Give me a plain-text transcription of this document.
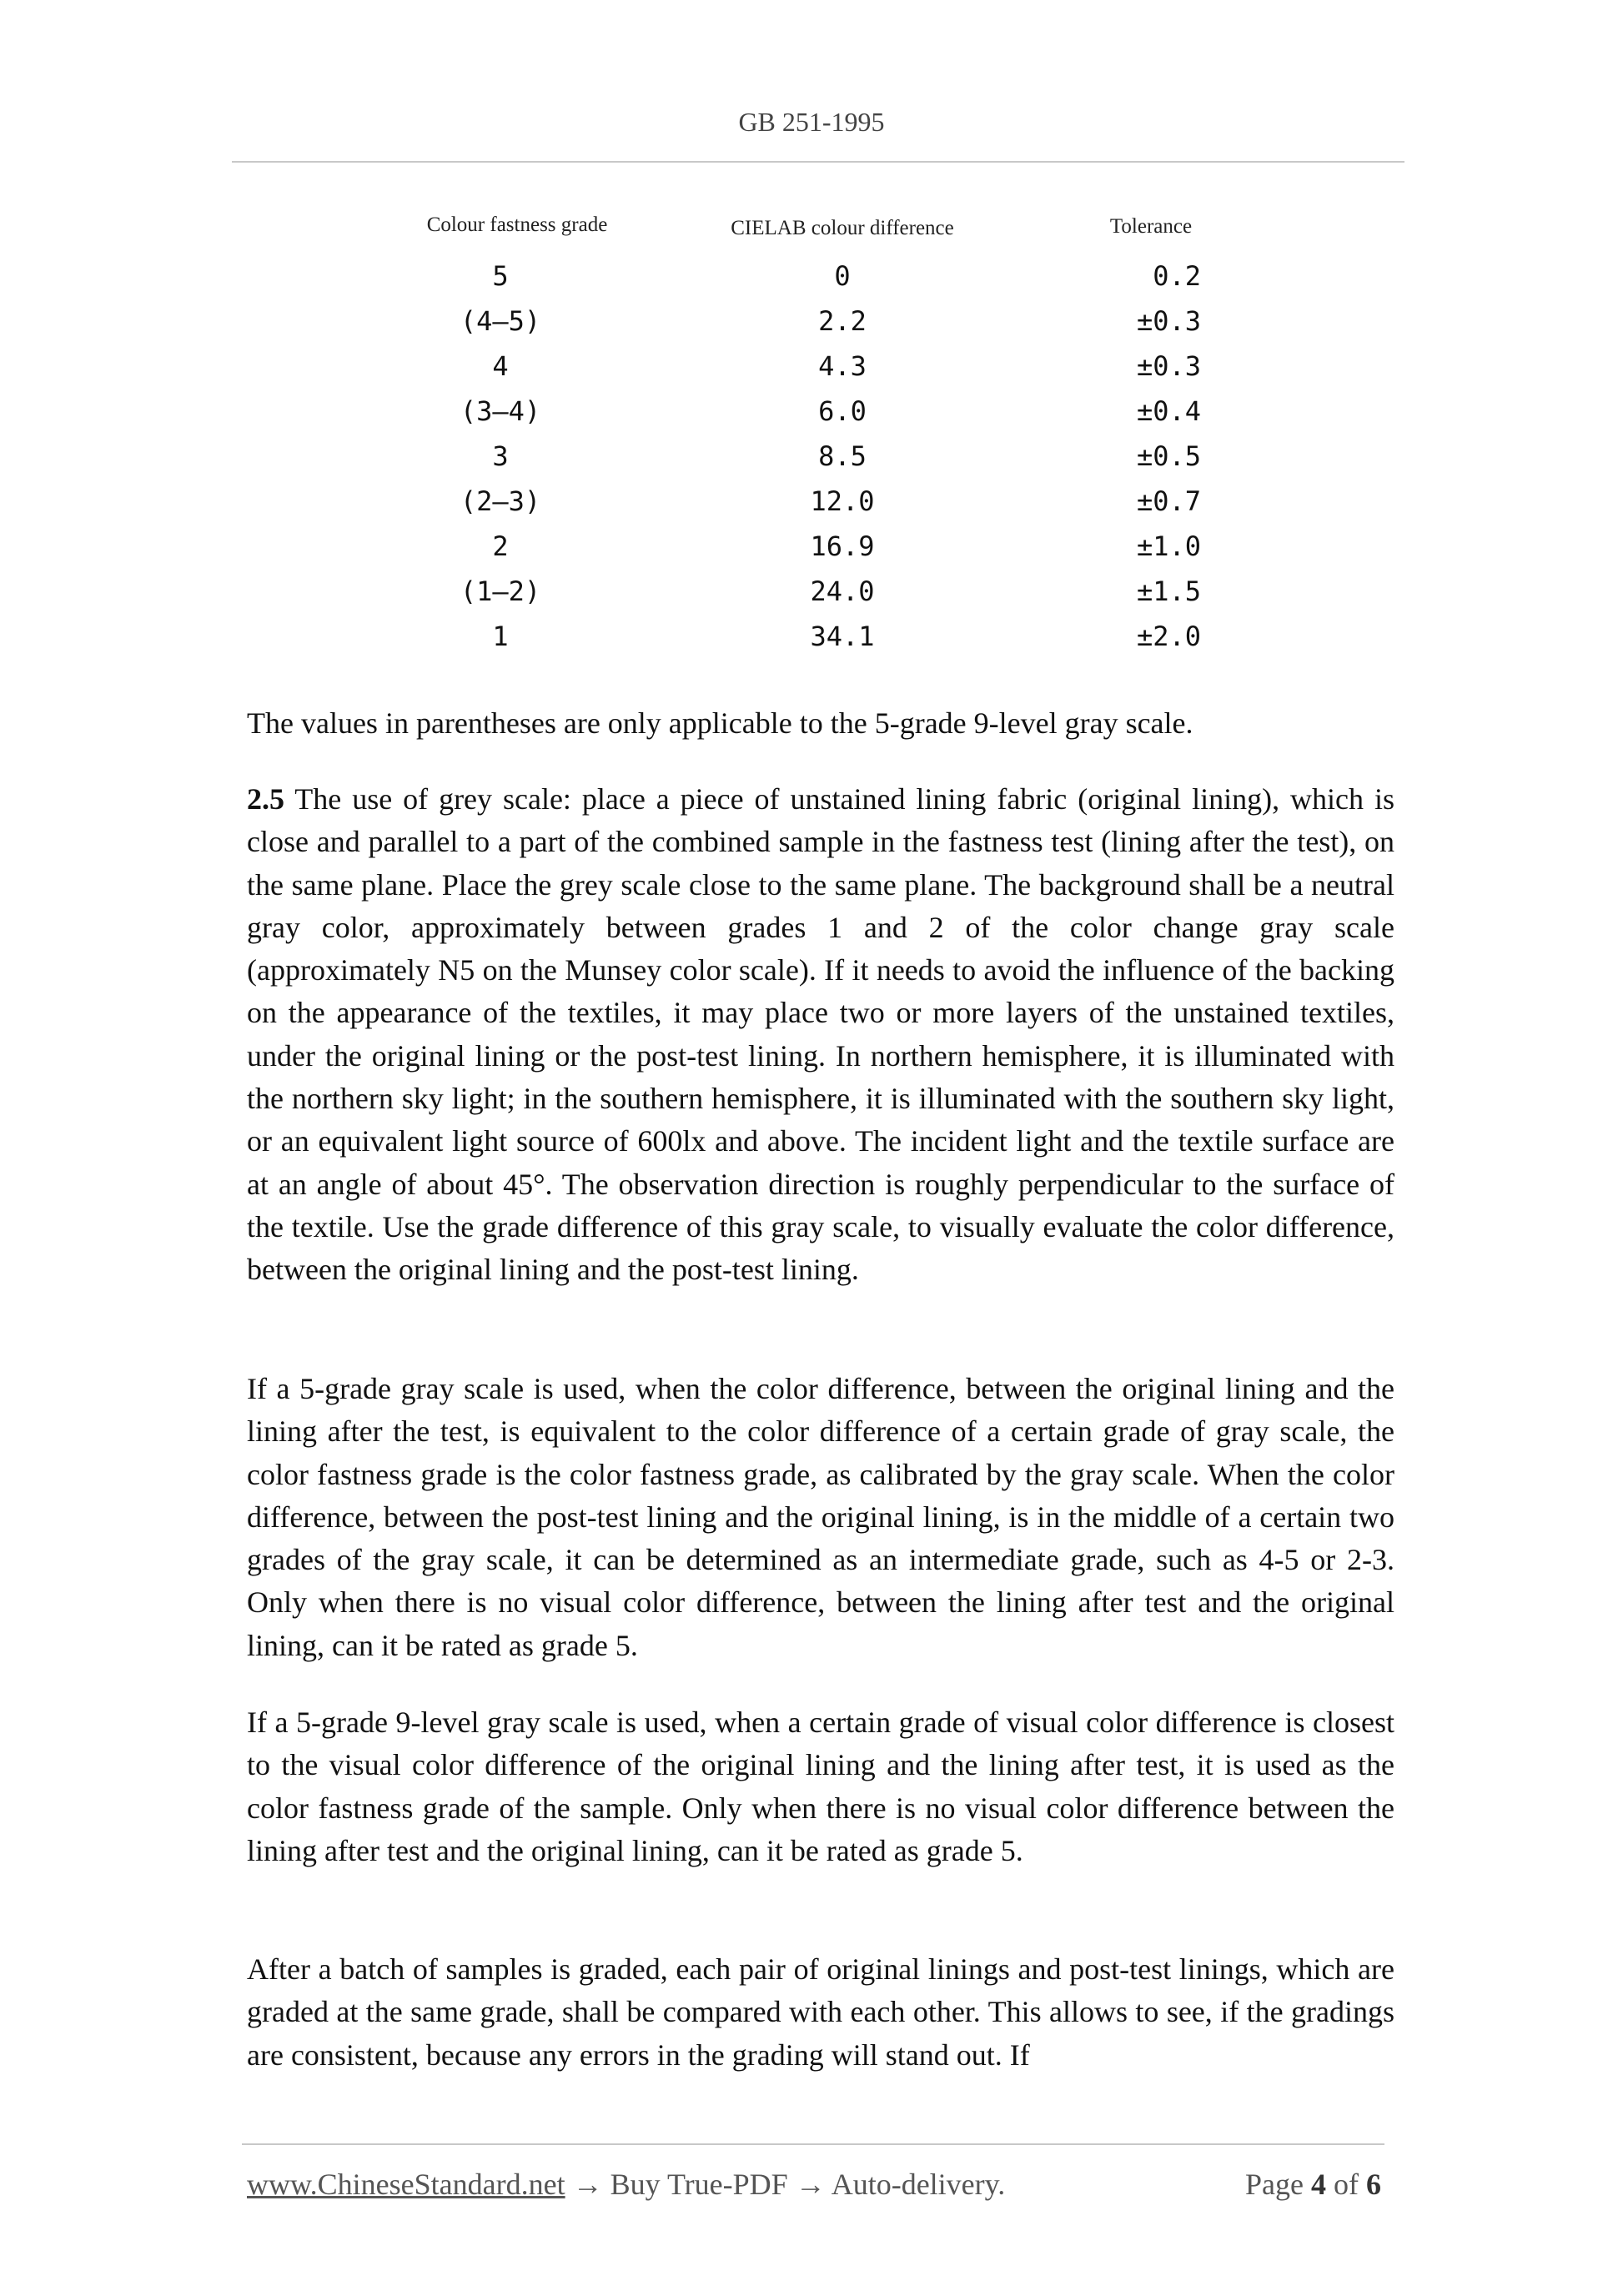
GB 251-1995
Colour fastness grade	CIELAB colour difference	Tolerance
5	0	0.2
(4—5)	2.2	±0.3
4	4.3	±0.3
(3—4)	6.0	±0.4
3	8.5	±0.5
(2—3)	12.0	±0.7
2	16.9	±1.0
(1—2)	24.0	±1.5
1	34.1	±2.0

The values in parentheses are only applicable to the 5-grade 9-level gray scale.

2.5 The use of grey scale: place a piece of unstained lining fabric (original lining), which is close and parallel to a part of the combined sample in the fastness test (lining after the test), on the same plane. Place the grey scale close to the same plane. The background shall be a neutral gray color, approximately between grades 1 and 2 of the color change gray scale (approximately N5 on the Munsey color scale). If it needs to avoid the influence of the backing on the appearance of the textiles, it may place two or more layers of the unstained textiles, under the original lining or the post-test lining. In northern hemisphere, it is illuminated with the northern sky light; in the southern hemisphere, it is illuminated with the southern sky light, or an equivalent light source of 600lx and above. The incident light and the textile surface are at an angle of about 45°. The observation direction is roughly perpendicular to the surface of the textile. Use the grade difference of this gray scale, to visually evaluate the color difference, between the original lining and the post-test lining.

If a 5-grade gray scale is used, when the color difference, between the original lining and the lining after the test, is equivalent to the color difference of a certain grade of gray scale, the color fastness grade is the color fastness grade, as calibrated by the gray scale. When the color difference, between the post-test lining and the original lining, is in the middle of a certain two grades of the gray scale, it can be determined as an intermediate grade, such as 4-5 or 2-3. Only when there is no visual color difference, between the lining after test and the original lining, can it be rated as grade 5.

If a 5-grade 9-level gray scale is used, when a certain grade of visual color difference is closest to the visual color difference of the original lining and the lining after test, it is used as the color fastness grade of the sample. Only when there is no visual color difference between the lining after test and the original lining, can it be rated as grade 5.

After a batch of samples is graded, each pair of original linings and post-test linings, which are graded at the same grade, shall be compared with each other. This allows to see, if the gradings are consistent, because any errors in the grading will stand out. If

www.ChineseStandard.net → Buy True-PDF → Auto-delivery.	Page 4 of 6
